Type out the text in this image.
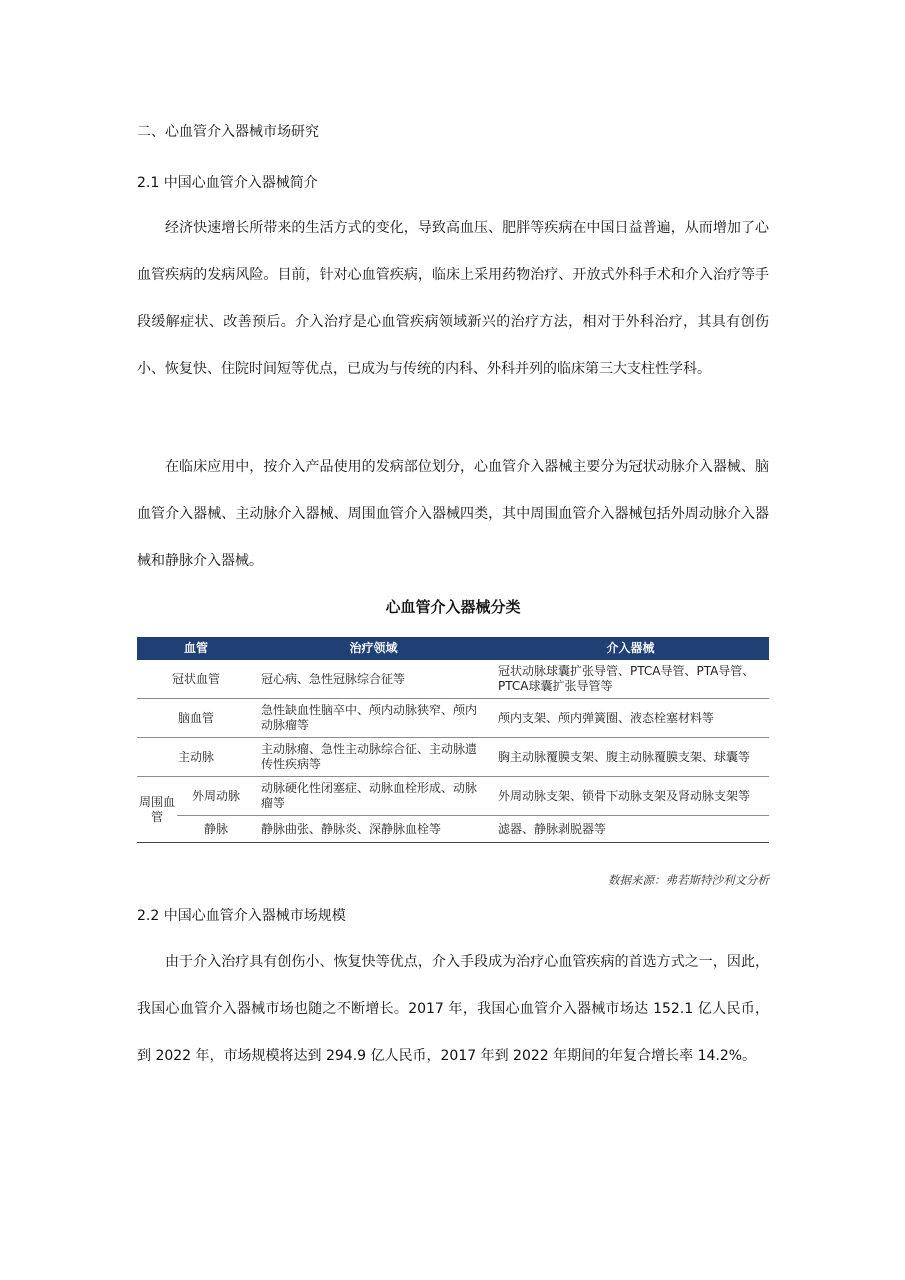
二、心血管介入器械市场研究
2.1 中国心血管介入器械简介

经济快速增长所带来的生活方式的变化，导致高血压、肥胖等疾病在中国日益普遍，从而增加了心血管疾病的发病风险。目前，针对心血管疾病，临床上采用药物治疗、开放式外科手术和介入治疗等手段缓解症状、改善预后。介入治疗是心血管疾病领域新兴的治疗方法，相对于外科治疗，其具有创伤小、恢复快、住院时间短等优点，已成为与传统的内科、外科并列的临床第三大支柱性学科。

在临床应用中，按介入产品使用的发病部位划分，心血管介入器械主要分为冠状动脉介入器械、脑血管介入器械、主动脉介入器械、周围血管介入器械四类，其中周围血管介入器械包括外周动脉介入器械和静脉介入器械。

心血管介入器械分类
血管		治疗领域	介入器械
冠状血管		冠心病、急性冠脉综合征等	冠状动脉球囊扩张导管、PTCA导管、PTA导管、PTCA球囊扩张导管等
脑血管		急性缺血性脑卒中、颅内动脉狭窄、颅内动脉瘤等	颅内支架、颅内弹簧圈、液态栓塞材料等
主动脉		主动脉瘤、急性主动脉综合征、主动脉遗传性疾病等	胸主动脉覆膜支架、腹主动脉覆膜支架、球囊等
周围血管	外周动脉	动脉硬化性闭塞症、动脉血栓形成、动脉瘤等	外周动脉支架、锁骨下动脉支架及肾动脉支架等
	静脉	静脉曲张、静脉炎、深静脉血栓等	滤器、静脉剥脱器等
数据来源：弗若斯特沙利文分析
2.2 中国心血管介入器械市场规模

由于介入治疗具有创伤小、恢复快等优点，介入手段成为治疗心血管疾病的首选方式之一，因此，我国心血管介入器械市场也随之不断增长。2017 年，我国心血管介入器械市场达 152.1 亿人民币，到 2022 年，市场规模将达到 294.9 亿人民币，2017 年到 2022 年期间的年复合增长率 14.2%。
